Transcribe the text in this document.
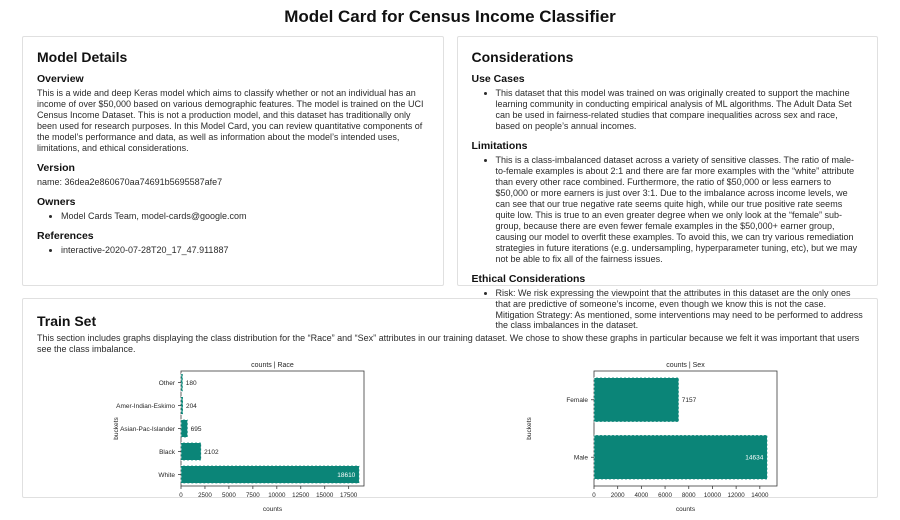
Model Card for Census Income Classifier
Model Details
Overview

This is a wide and deep Keras model which aims to classify whether or not an individual has an income of over $50,000 based on various demographic features. The model is trained on the UCI Census Income Dataset. This is not a production model, and this dataset has traditionally only been used for research purposes. In this Model Card, you can review quantitative components of the model’s performance and data, as well as information about the model’s intended uses, limitations, and ethical considerations.

Version

name: 36dea2e860670aa74691b5695587afe7

Owners
• Model Cards Team, model-cards@google.com
References
• interactive-2020-07-28T20_17_47.911887
Considerations
Use Cases
• This dataset that this model was trained on was originally created to support the machine learning community in conducting empirical analysis of ML algorithms. The Adult Data Set can be used in fairness-related studies that compare inequalities across sex and race, based on people’s annual incomes.
Limitations
• This is a class-imbalanced dataset across a variety of sensitive classes. The ratio of male-to-female examples is about 2:1 and there are far more examples with the “white” attribute than every other race combined. Furthermore, the ratio of $50,000 or less earners to $50,000 or more earners is just over 3:1. Due to the imbalance across income levels, we can see that our true negative rate seems quite high, while our true positive rate seems quite low. This is true to an even greater degree when we only look at the “female” sub-group, because there are even fewer female examples in the $50,000+ earner group, causing our model to overfit these examples. To avoid this, we can try various remediation strategies in future iterations (e.g. undersampling, hyperparameter tuning, etc), but we may not be able to fix all of the fairness issues.
Ethical Considerations
• Risk: We risk expressing the viewpoint that the attributes in this dataset are the only ones that are predictive of someone’s income, even though we know this is not the case.
Mitigation Strategy: As mentioned, some interventions may need to be performed to address the class imbalances in the dataset.
Train Set

This section includes graphs displaying the class distribution for the “Race” and “Sex” attributes in our training dataset. We chose to show these graphs in particular because we felt it was important that users see the class imbalance.

counts | Race
Other 180
Amer-Indian-Eskimo 204
Asian-Pac-Islander 695
Black	2102
White	18610
0 2500 5000 7500 10000 12500 15000 17500
counts
buckets
counts | Sex
Female	7157
Male	14634
0 2000 4000 6000 8000 10000 12000 14000
counts
buckets
